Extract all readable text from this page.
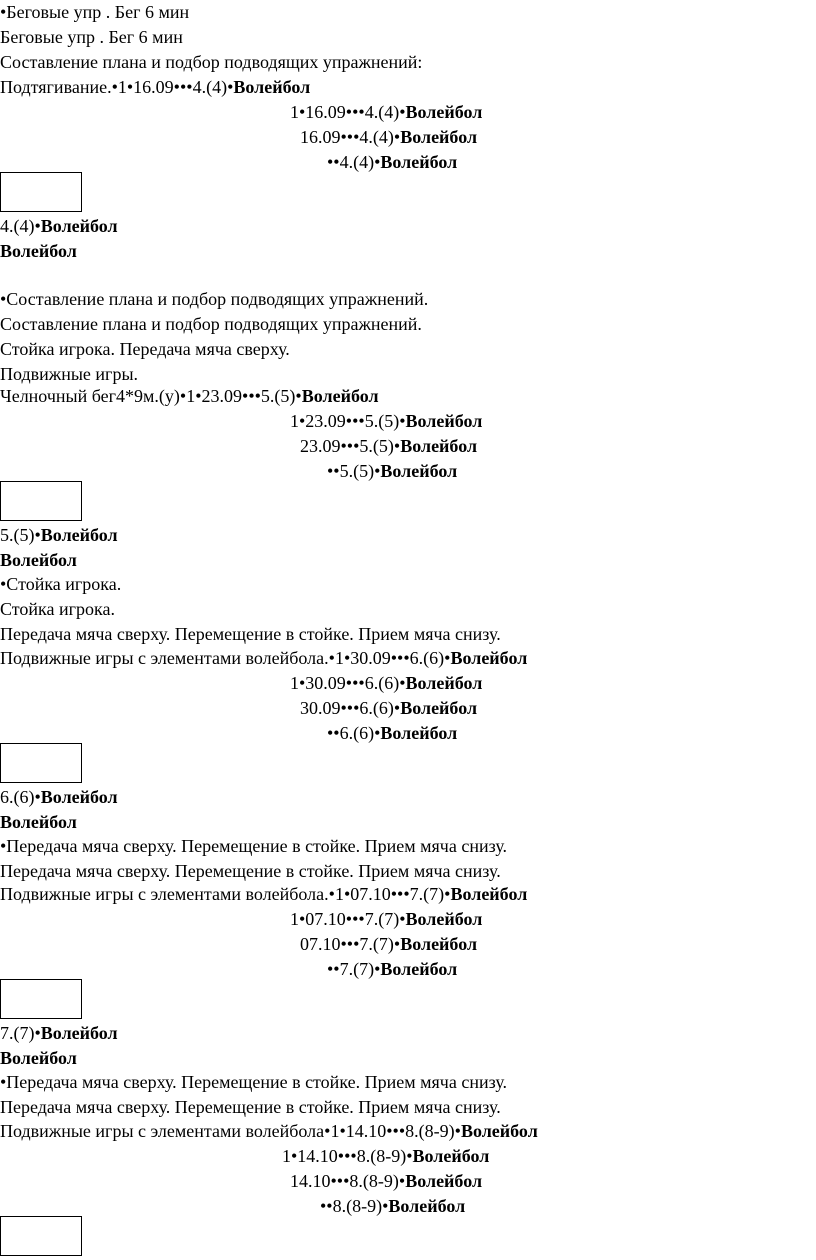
•Беговые упр . Бег 6 мин
Беговые упр . Бег 6 мин
Составление плана и подбор подводящих упражнений:
Подтягивание.•1•16.09•••4.(4)•Волейбол
1•16.09•••4.(4)•Волейбол
16.09•••4.(4)•Волейбол
••4.(4)•Волейбол
4.(4)•Волейбол
Волейбол
•Составление плана и подбор подводящих упражнений.
Составление плана и подбор подводящих упражнений.
Стойка игрока. Передача мяча сверху.
Подвижные игры.
Челночный бег4*9м.(у)•1•23.09•••5.(5)•Волейбол
1•23.09•••5.(5)•Волейбол
23.09•••5.(5)•Волейбол
••5.(5)•Волейбол
5.(5)•Волейбол
Волейбол
•Стойка игрока.
Стойка игрока.
Передача мяча сверху. Перемещение в стойке. Прием мяча снизу.
Подвижные игры с элементами волейбола.•1•30.09•••6.(6)•Волейбол
1•30.09•••6.(6)•Волейбол
30.09•••6.(6)•Волейбол
••6.(6)•Волейбол
6.(6)•Волейбол
Волейбол
•Передача мяча сверху. Перемещение в стойке. Прием мяча снизу.
Передача мяча сверху. Перемещение в стойке. Прием мяча снизу.
Подвижные игры с элементами волейбола.•1•07.10•••7.(7)•Волейбол
1•07.10•••7.(7)•Волейбол
07.10•••7.(7)•Волейбол
••7.(7)•Волейбол
7.(7)•Волейбол
Волейбол
•Передача мяча сверху. Перемещение в стойке. Прием мяча снизу.
Передача мяча сверху. Перемещение в стойке. Прием мяча снизу.
Подвижные игры с элементами волейбола•1•14.10•••8.(8-9)•Волейбол
1•14.10•••8.(8-9)•Волейбол
14.10•••8.(8-9)•Волейбол
••8.(8-9)•Волейбол
